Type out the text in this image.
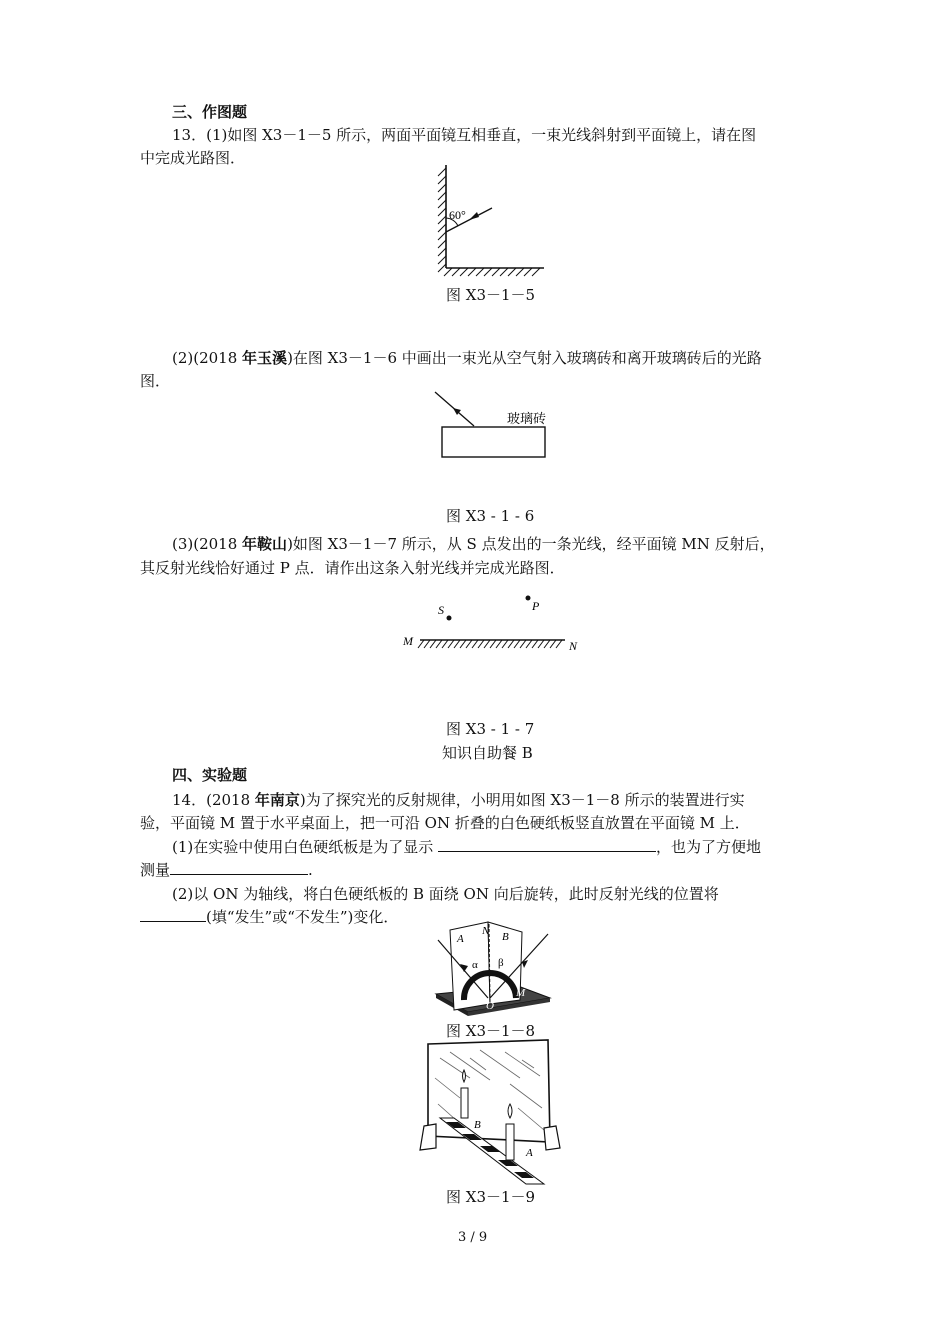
三、作图题
13．(1)如图 X3－1－5 所示，两面平面镜互相垂直，一束光线斜射到平面镜上，请在图
中完成光路图．
60°
图 X3－1－5
(2)(2018 年玉溪)在图 X3－1－6 中画出一束光从空气射入玻璃砖和离开玻璃砖后的光路
图．
玻璃砖
图 X3 - 1 - 6
(3)(2018 年鞍山)如图 X3－1－7 所示，从 S 点发出的一条光线，经平面镜 MN 反射后，
其反射光线恰好通过 P 点．请作出这条入射光线并完成光路图．
S	P
M	N
图 X3 - 1 - 7
知识自助餐 B
四、实验题
14．(2018 年南京)为了探究光的反射规律，小明用如图 X3－1－8 所示的装置进行实
验，平面镜 M 置于水平桌面上，把一可沿 ON 折叠的白色硬纸板竖直放置在平面镜 M 上．
(1)在实验中使用白色硬纸板是为了显示	，也为了方便地
测量	.
(2)以 ON 为轴线，将白色硬纸板的 B 面绕 ON 向后旋转，此时反射光线的位置将
(填“发生”或“不发生”)变化．
A
N B
α β
O
M
图 X3－1－8
B
A
图 X3－1－9
3 / 9
